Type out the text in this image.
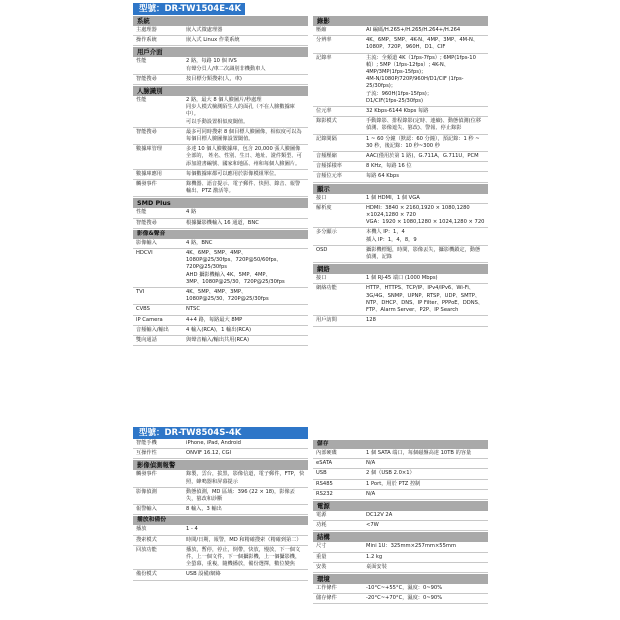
型號：DR-TW1504E-4K
系統
主處理器	嵌入式微處理器
操作系統	嵌入式 Linux 作業系統
用戶介面
性能	2 路，每路 10 個 IVS
有聲分貝人/車二次識別非機動車人
智能搜尋	按目標分類搜索(人，車)
人臉識別
性能	2 路，最大 8 個人臉圖片/秒處理
同步人模式檢測陌生人的面孔（不在人臉數據庫中）。
可以手動設置相似度閾值。
智能搜尋	最多可同時搜索 8 個目標人臉圖像，相似度可以為每個目標人臉圖像設置閾值。
數據庫管理	多達 10 個人臉數據庫，包含 20,000 張人臉圖像全部的， 姓名、性別、生日、地址、證件類型、可添加證書編號、國家和地區、州和每個人臉圖片。
數據庫應用	每個數據庫都可以應用於影像模組單位。
觸發事件	錄機器、語音提示、電子郵件、快照、錄音、報警輸出、PTZ 激活等。
SMD Plus
性能	4 路
智能搜尋	根據攝影機輸入 16 通道，BNC
影像&聲音
影像輸入	4 路，BNC
HDCVI	4K、6MP、5MP、4MP、
1080P@25/30fps、720P@50/60fps、
720P@25/30fps
AHD 攝影機輸入 4K、5MP、4MP、
3MP、1080P@25/30、720P@25/30fps
TVI	4K、5MP、4MP、3MP、
1080P@25/30、720P@25/30fps
CVBS	NTSC
IP Camera	4+4 路，每路最大 8MP
音頻輸入/輸出	4 輸入(RCA)，1 輸出(RCA)
雙向通話	與聲音輸入/輸出共用(RCA)
錄影
壓縮	AI 編碼/H.265+/H.265/H.264+/H.264
分辨率	4K、6MP、5MP、4K-N、4MP、3MP、4M-N、1080P、720P、960H、D1、CIF
記錄率	主流：全頻道 4K（1fps-7fps）; 6MP(1fps-10 幀）; 5MP（1fps-12fps）; 4K-N、4MP/3MP(1fps-15fps)；
4M-N/1080P/720P/960H/D1/CIF (1fps-25/30fps)；
子流：960H(1fps-15fps)；
D1/CIF(1fps-25/30fps)
位元率	32 Kbps-6144 Kbps 每路
錄影模式	手動錄影、排程錄影(定時、連續)、動態偵測(位移偵測、影像遮失、篡改)、警報、停止錄影
記錄間隔	1 ~ 60 分鐘（默認：60 分鐘），預記錄：1 秒 ~ 30 秒，後記錄：10 秒~300 秒
音頻壓縮	AAC(僅用於第 1 路)，G.711A，G.711U，PCM
音頻採樣率	8 KHz，每路 16 位
音頻位元率	每路 64 Kbps
顯示
接口	1 個 HDMI，1 個 VGA
解析度	HDMI：3840 × 2160,1920 × 1080,1280 ×1024,1280 × 720
VGA：1920 × 1080,1280 × 1024,1280 × 720
多分顯示	本機人 IP：1，4
插入 IP：1，4，8，9
OSD	攝影機標題，時間，影像丟失，攝影機鎖定，動態偵測，記錄
網絡
接口	1 個 RJ-45 端口 (1000 Mbps)
網絡功能	HTTP、HTTPS、TCP/IP、IPv4/IPv6、Wi-Fi、3G/4G、SNMP、UPNP、RTSP、UDP、SMTP、NTP、DHCP、DNS、IP Filter、PPPoE、DDNS、FTP、Alarm Server、P2P、IP Search
用戶訪問	128
型號：DR-TW8504S-4K
智能手機	iPhone, iPad, Android
互操作性	ONVIF 16.12, CGI
影像偵測報警
觸發事件	錄製，雲台，拔黑，影像信道，電子郵件，FTP，快照，蜂鳴器和屏幕提示
影像偵測	動態偵測，MD 區域：396 (22 × 18)，影像丟失，篡改和診斷
報警輸入	8 輸入，3 輸出
播放和備份
播放	1 - 4
搜索模式	時間/日期，報警，MD 和精確搜索（精確到第二）
回放功能	播放，暫停，停止，倒帶，快放，慢放，下一個文件，上一個文件，下一個攝影機，上一個攝影機，全螢幕，重複，隨機播放，備份選擇，數位變焦
備份模式	USB 設備/網絡
儲存
內部硬碟	1 個 SATA 端口，每個磁盤高達 10TB 的容量
eSATA	N/A
USB	2 個（USB 2.0×1）
RS485	1 Port，用於 PTZ 控制
RS232	N/A
電源
電源	DC12V 2A
功耗	<7W
結構
尺寸	Mini 1U：325mm×257mm×55mm
重量	1.2 kg
安裝	桌面安裝
環境
工作條件	-10°C~+55°C，濕度：0~90%
儲存條件	-20°C~+70°C，濕度：0~90%
